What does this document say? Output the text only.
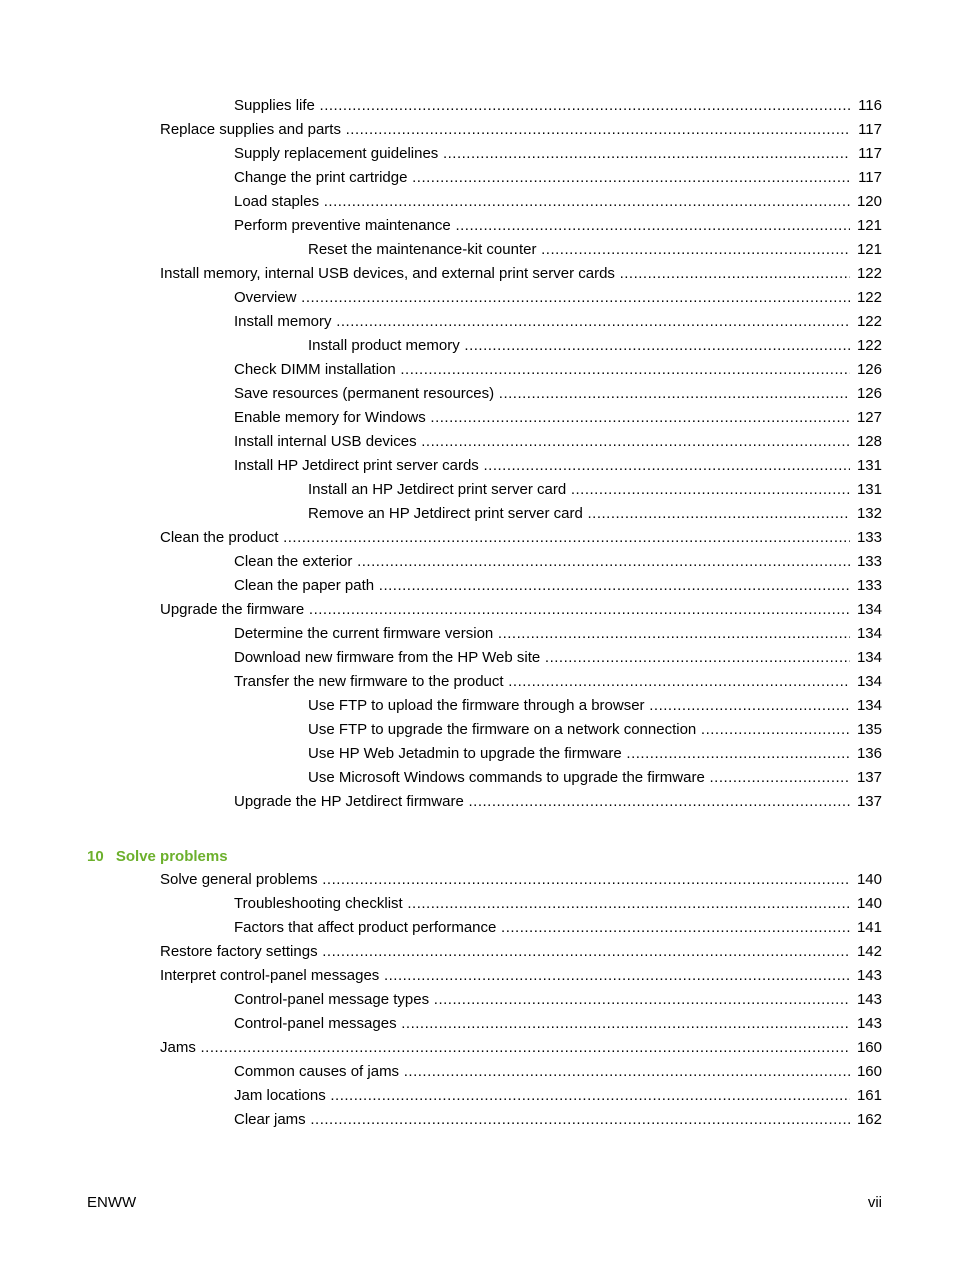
Supplies life .....	116
Replace supplies and parts .....	117
Supply replacement guidelines .....	117
Change the print cartridge .....	117
Load staples .....	120
Perform preventive maintenance .....	121
Reset the maintenance-kit counter .....	121
Install memory, internal USB devices, and external print server cards .....	122
Overview .....	122
Install memory .....	122
Install product memory .....	122
Check DIMM installation .....	126
Save resources (permanent resources) .....	126
Enable memory for Windows .....	127
Install internal USB devices .....	128
Install HP Jetdirect print server cards .....	131
Install an HP Jetdirect print server card .....	131
Remove an HP Jetdirect print server card .....	132
Clean the product .....	133
Clean the exterior .....	133
Clean the paper path .....	133
Upgrade the firmware .....	134
Determine the current firmware version .....	134
Download new firmware from the HP Web site .....	134
Transfer the new firmware to the product .....	134
Use FTP to upload the firmware through a browser .....	134
Use FTP to upgrade the firmware on a network connection .....	135
Use HP Web Jetadmin to upgrade the firmware .....	136
Use Microsoft Windows commands to upgrade the firmware .....	137
Upgrade the HP Jetdirect firmware .....	137
10 Solve problems
Solve general problems .....	140
Troubleshooting checklist .....	140
Factors that affect product performance .....	141
Restore factory settings .....	142
Interpret control-panel messages .....	143
Control-panel message types .....	143
Control-panel messages .....	143
Jams .....	160
Common causes of jams .....	160
Jam locations .....	161
Clear jams .....	162
ENWW	vii
